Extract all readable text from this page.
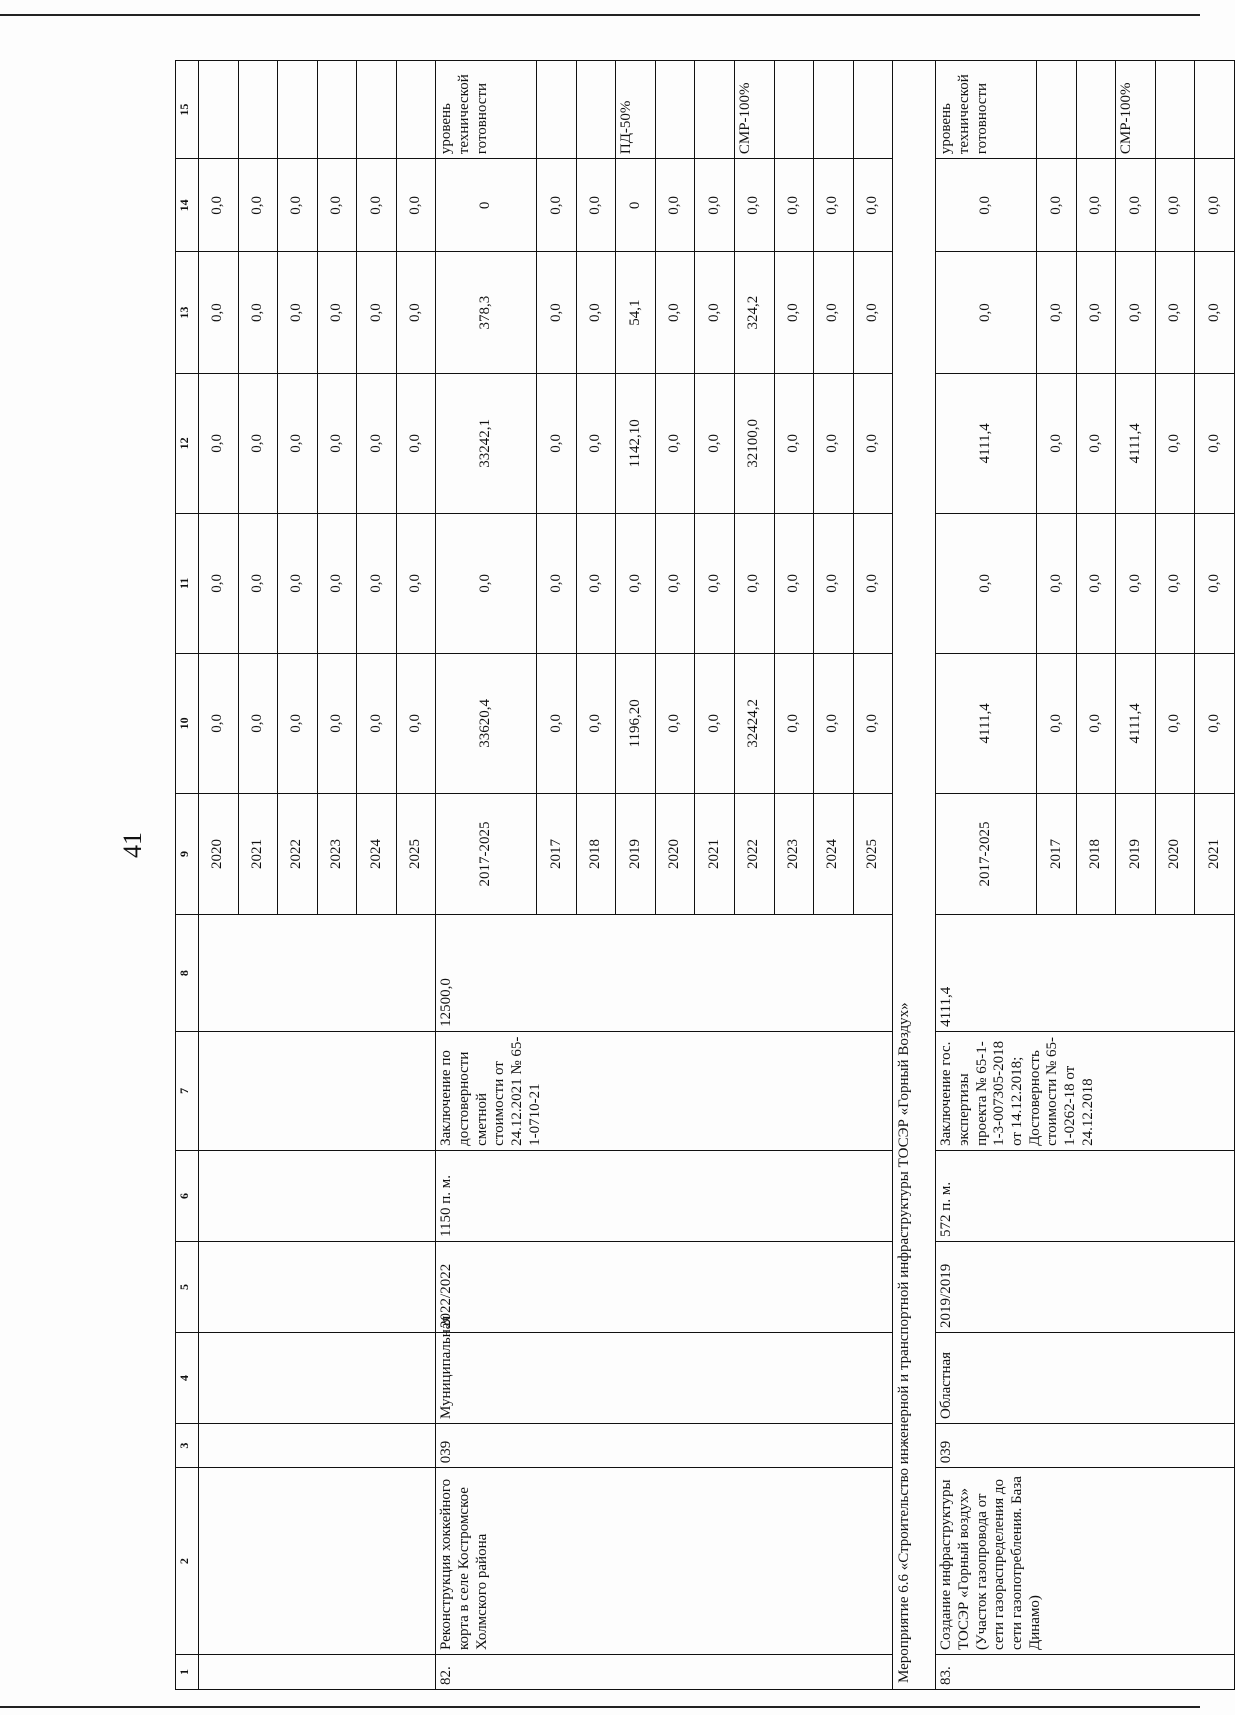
41
1	2	3	4	5	6	7	8	9	10	11	12	13	14	15
								2020	0,0	0,0	0,0	0,0	0,0	
								2021	0,0	0,0	0,0	0,0	0,0	
								2022	0,0	0,0	0,0	0,0	0,0	
								2023	0,0	0,0	0,0	0,0	0,0	
								2024	0,0	0,0	0,0	0,0	0,0	
								2025	0,0	0,0	0,0	0,0	0,0	
82.	Реконструкция хоккейного корта в селе Костромское Холмского района	039	Муниципальная	2022/2022	1150 п. м.	Заключение по достоверности сметной стоимости от 24.12.2021 № 65-1-0710-21	12500,0	2017-2025	33620,4	0,0	33242,1	378,3	0	уровень технической готовности
								2017	0,0	0,0	0,0	0,0	0,0	
								2018	0,0	0,0	0,0	0,0	0,0	
								2019	1196,20	0,0	1142,10	54,1	0	ПД-50%
								2020	0,0	0,0	0,0	0,0	0,0	
								2021	0,0	0,0	0,0	0,0	0,0	
								2022	32424,2	0,0	32100,0	324,2	0,0	СМР-100%
								2023	0,0	0,0	0,0	0,0	0,0	
								2024	0,0	0,0	0,0	0,0	0,0	
								2025	0,0	0,0	0,0	0,0	0,0	
Мероприятие 6.6 «Строительство инженерной и транспортной инфраструктуры ТОСЭР «Горный Воздух»														
83.	Создание инфраструктуры ТОСЭР «Горный воздух» (Участок газопровода от сети газораспределения до сети газопотребления. База Динамо)	039	Областная	2019/2019	572 п. м.	Заключение гос. экспертизы проекта № 65-1-1-3-007305-2018 от 14.12.2018; Достоверность стоимости № 65-1-0262-18 от 24.12.2018	4111,4	2017-2025	4111,4	0,0	4111,4	0,0	0,0	уровень технической готовности
								2017	0,0	0,0	0,0	0,0	0,0	
								2018	0,0	0,0	0,0	0,0	0,0	
								2019	4111,4	0,0	4111,4	0,0	0,0	СМР-100%
								2020	0,0	0,0	0,0	0,0	0,0	
								2021	0,0	0,0	0,0	0,0	0,0	
